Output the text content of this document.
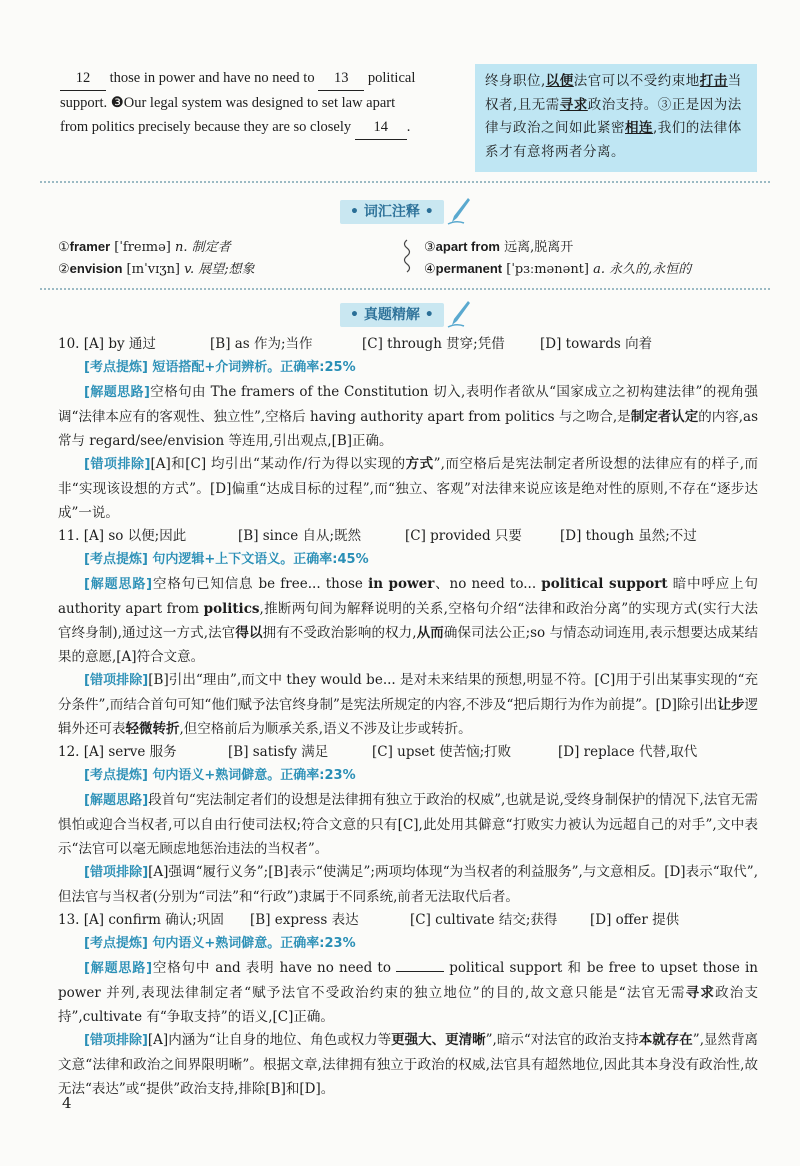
12 those in power and have no need to 13 political
support. ❸Our legal system was designed to set law apart
from politics precisely because they are so closely 14 .
终身职位,以便法官可以不受约束地打击当权者,且无需寻求政治支持。③正是因为法律与政治之间如此紧密相连,我们的法律体系才有意将两者分离。
• 词汇注释 •
①framer [ˈfreɪmə] n. 制定者
②envision [ɪnˈvɪʒn] v. 展望;想象
③apart from 远离,脱离开
④permanent [ˈpɜːmənənt] a. 永久的,永恒的
• 真题精解 •
10. [A] by 通过	[B] as 作为;当作	[C] through 贯穿;凭借	[D] towards 向着
[考点提炼] 短语搭配+介词辨析。正确率:25%
[解题思路]空格句由 The framers of the Constitution 切入,表明作者欲从“国家成立之初构建法律”的视角强调“法律本应有的客观性、独立性”,空格后 having authority apart from politics 与之吻合,是制定者认定的内容,as 常与 regard/see/envision 等连用,引出观点,[B]正确。
[错项排除][A]和[C] 均引出“某动作/行为得以实现的方式”,而空格后是宪法制定者所设想的法律应有的样子,而非“实现该设想的方式”。[D]偏重“达成目标的过程”,而“独立、客观”对法律来说应该是绝对性的原则,不存在“逐步达成”一说。
11. [A] so 以便;因此	[B] since 自从;既然	[C] provided 只要	[D] though 虽然;不过
[考点提炼] 句内逻辑+上下文语义。正确率:45%
[解题思路]空格句已知信息 be free... those in power、no need to... political support 暗中呼应上句 authority apart from politics,推断两句间为解释说明的关系,空格句介绍“法律和政治分离”的实现方式(实行大法官终身制),通过这一方式,法官得以拥有不受政治影响的权力,从而确保司法公正;so 与情态动词连用,表示想要达成某结果的意愿,[A]符合文意。
[错项排除][B]引出“理由”,而文中 they would be... 是对未来结果的预想,明显不符。[C]用于引出某事实现的“充分条件”,而结合首句可知“他们赋予法官终身制”是宪法所规定的内容,不涉及“把后期行为作为前提”。[D]除引出让步逻辑外还可表轻微转折,但空格前后为顺承关系,语义不涉及让步或转折。
12. [A] serve 服务	[B] satisfy 满足	[C] upset 使苦恼;打败	[D] replace 代替,取代
[考点提炼] 句内语义+熟词僻意。正确率:23%
[解题思路]段首句“宪法制定者们的设想是法律拥有独立于政治的权威”,也就是说,受终身制保护的情况下,法官无需惧怕或迎合当权者,可以自由行使司法权;符合文意的只有[C],此处用其僻意“打败实力被认为远超自己的对手”,文中表示“法官可以毫无顾虑地惩治违法的当权者”。
[错项排除][A]强调“履行义务”;[B]表示“使满足”;两项均体现“为当权者的利益服务”,与文意相反。[D]表示“取代”,但法官与当权者(分别为“司法”和“行政”)隶属于不同系统,前者无法取代后者。
13. [A] confirm 确认;巩固 [B] express 表达	[C] cultivate 结交;获得 [D] offer 提供
[考点提炼] 句内语义+熟词僻意。正确率:23%
[解题思路]空格句中 and 表明 have no need to	political support 和 be free to upset those in power 并列,表现法律制定者“赋予法官不受政治约束的独立地位”的目的,故文意只能是“法官无需寻求政治支持”,cultivate 有“争取支持”的语义,[C]正确。
[错项排除][A]内涵为“让自身的地位、角色或权力等更强大、更清晰”,暗示“对法官的政治支持本就存在”,显然背离文意“法律和政治之间界限明晰”。根据文章,法律拥有独立于政治的权威,法官具有超然地位,因此其本身没有政治性,故无法“表达”或“提供”政治支持,排除[B]和[D]。
4
